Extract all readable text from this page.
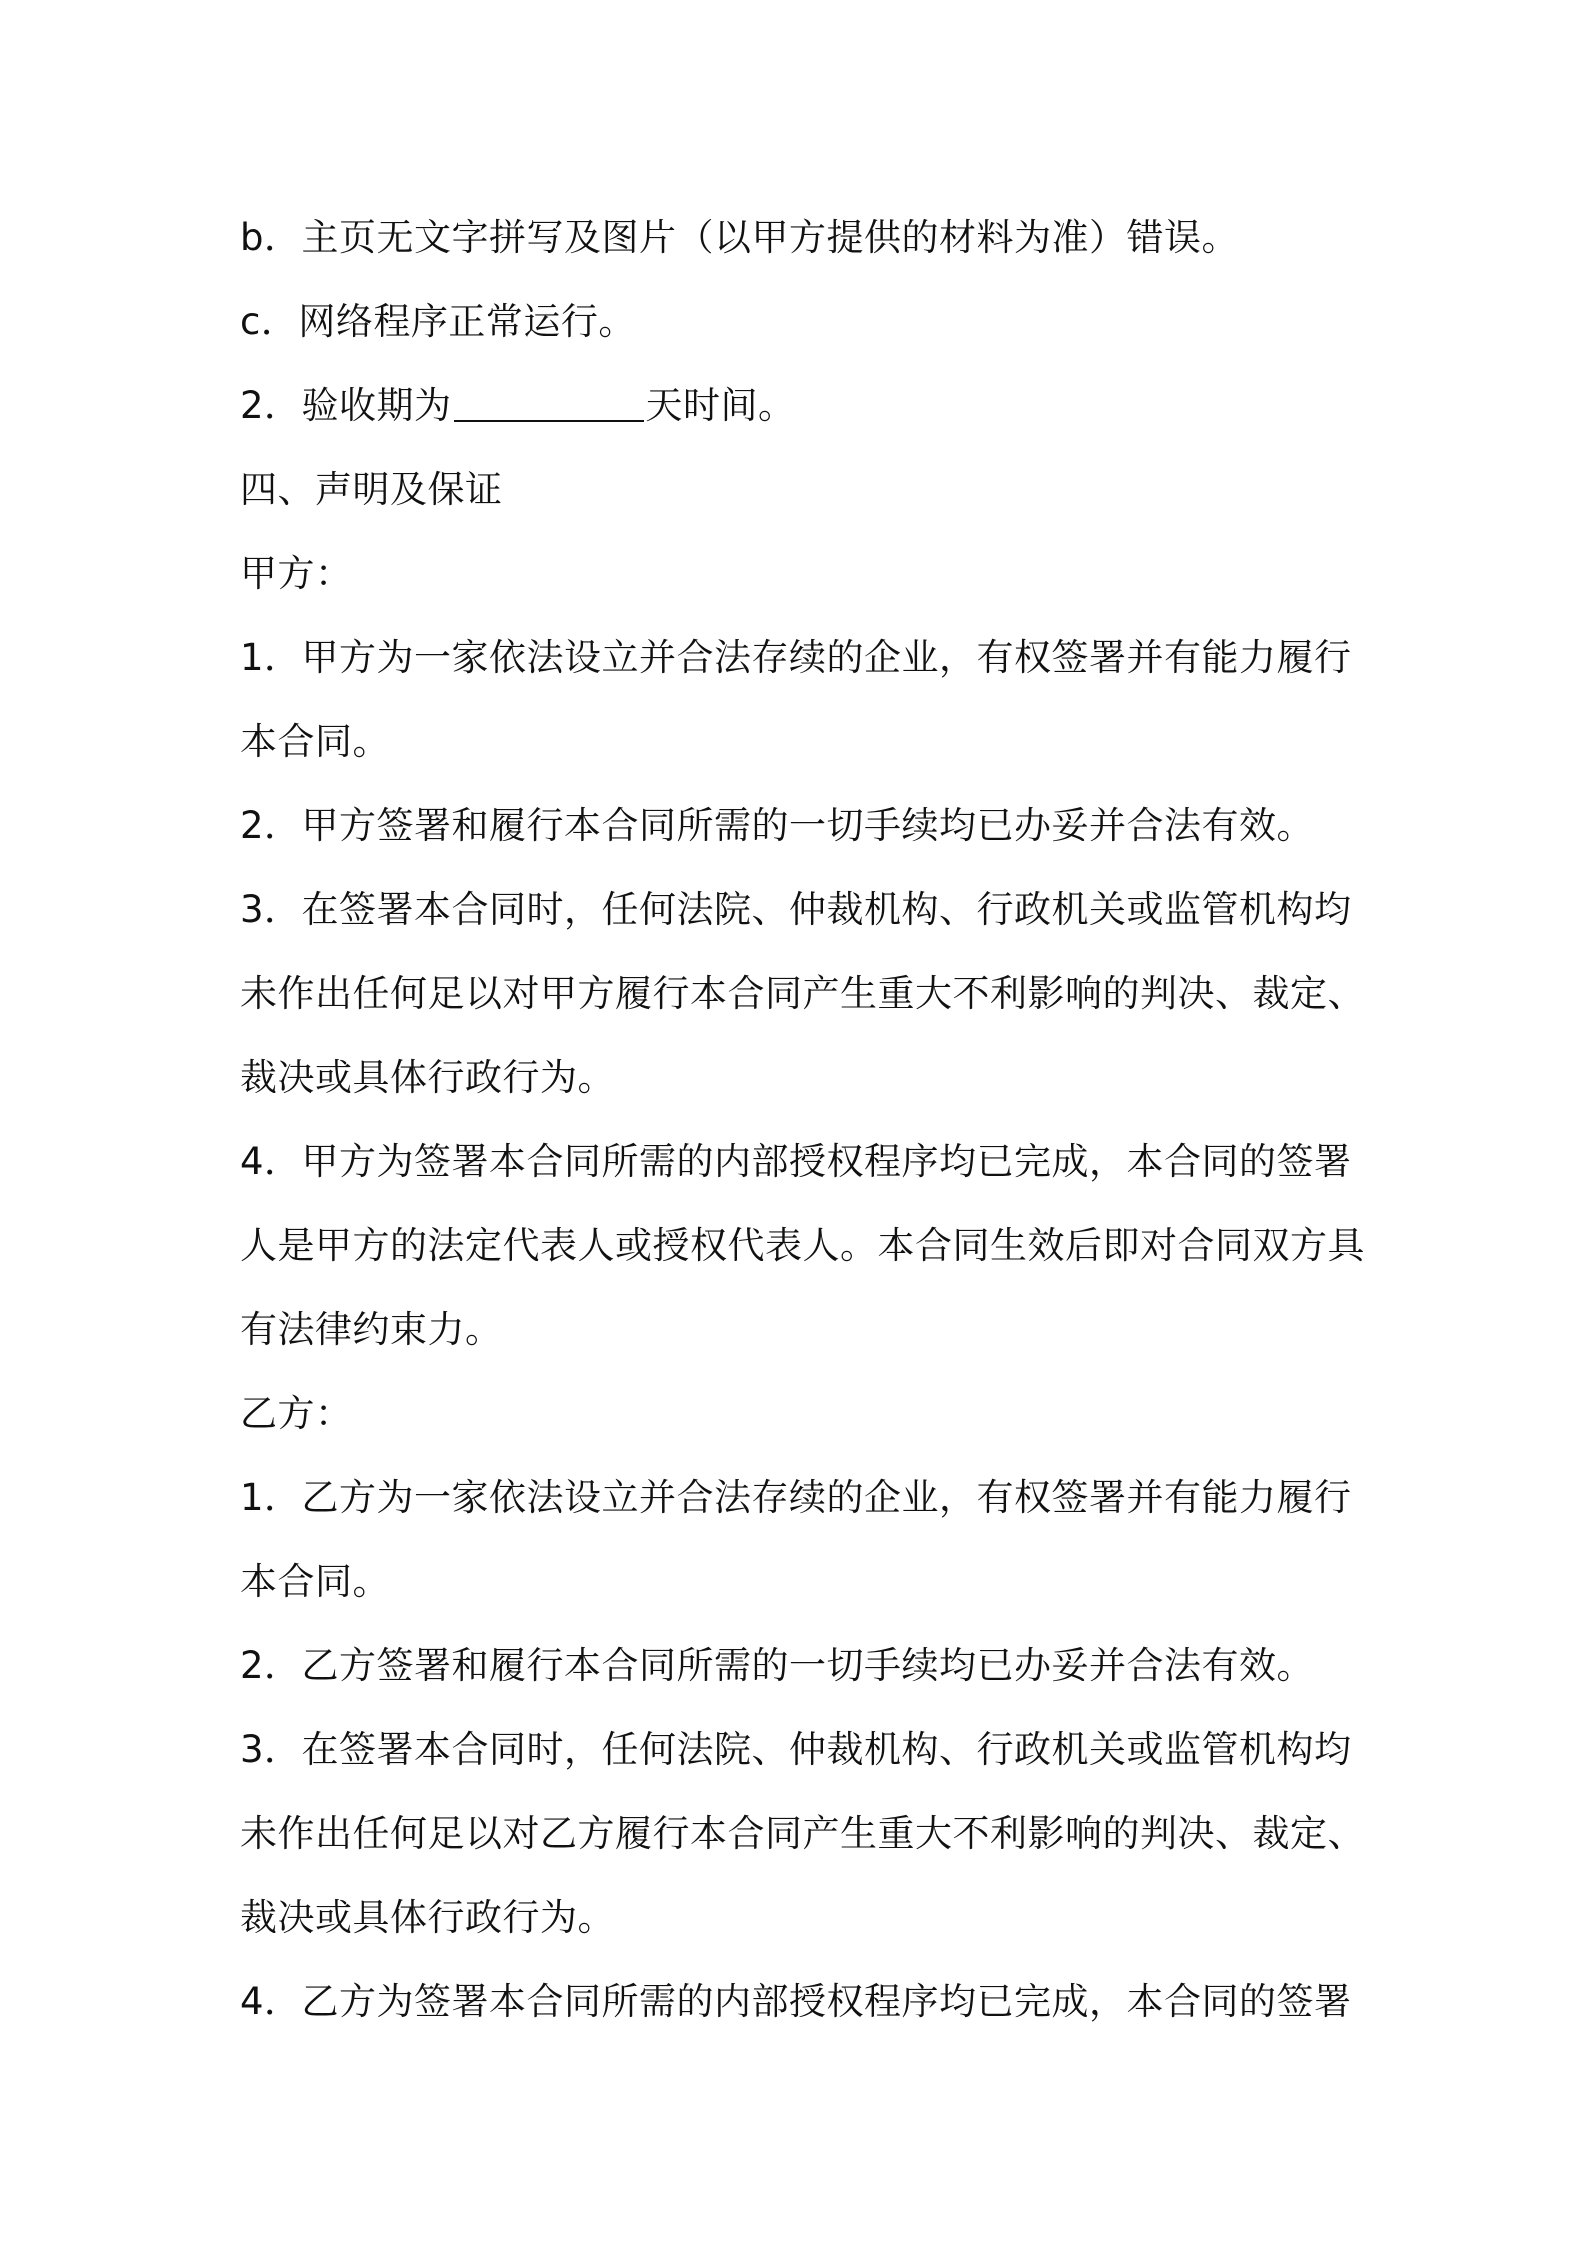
b．主页无文字拼写及图片（以甲方提供的材料为准）错误。
c．网络程序正常运行。
2．验收期为	天时间。
四、声明及保证
甲方：
1．甲方为一家依法设立并合法存续的企业，有权签署并有能力履行
本合同。
2．甲方签署和履行本合同所需的一切手续均已办妥并合法有效。
3．在签署本合同时，任何法院、仲裁机构、行政机关或监管机构均
未作出任何足以对甲方履行本合同产生重大不利影响的判决、裁定、
裁决或具体行政行为。
4．甲方为签署本合同所需的内部授权程序均已完成，本合同的签署
人是甲方的法定代表人或授权代表人。本合同生效后即对合同双方具
有法律约束力。
乙方：
1．乙方为一家依法设立并合法存续的企业，有权签署并有能力履行
本合同。
2．乙方签署和履行本合同所需的一切手续均已办妥并合法有效。
3．在签署本合同时，任何法院、仲裁机构、行政机关或监管机构均
未作出任何足以对乙方履行本合同产生重大不利影响的判决、裁定、
裁决或具体行政行为。
4．乙方为签署本合同所需的内部授权程序均已完成，本合同的签署
